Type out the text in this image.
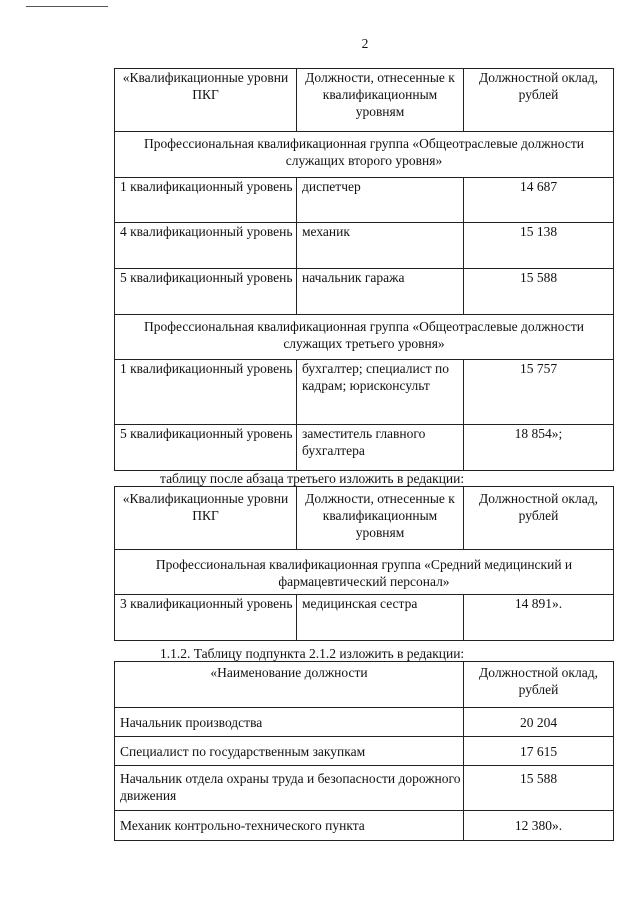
2
«Квалификационные уровни ПКГ	Должности, отнесенные к квалификационным уровням	Должностной оклад, рублей
Профессиональная квалификационная группа «Общеотраслевые должности служащих второго уровня»		
1 квалификационный уровень	диспетчер	14 687
4 квалификационный уровень	механик	15 138
5 квалификационный уровень	начальник гаража	15 588
Профессиональная квалификационная группа «Общеотраслевые должности служащих третьего уровня»		
1 квалификационный уровень	бухгалтер; специалист по кадрам; юрисконсульт	15 757
5 квалификационный уровень	заместитель главного бухгалтера	18 854»;
таблицу после абзаца третьего изложить в редакции:
«Квалификационные уровни ПКГ	Должности, отнесенные к квалификационным уровням	Должностной оклад, рублей
Профессиональная квалификационная группа «Средний медицинский и фармацевтический персонал»		
3 квалификационный уровень	медицинская сестра	14 891».
1.1.2. Таблицу подпункта 2.1.2 изложить в редакции:
«Наименование должности	Должностной оклад, рублей
Начальник производства	20 204
Специалист по государственным закупкам	17 615
Начальник отдела охраны труда и безопасности дорожного движения	15 588
Механик контрольно-технического пункта	12 380».
